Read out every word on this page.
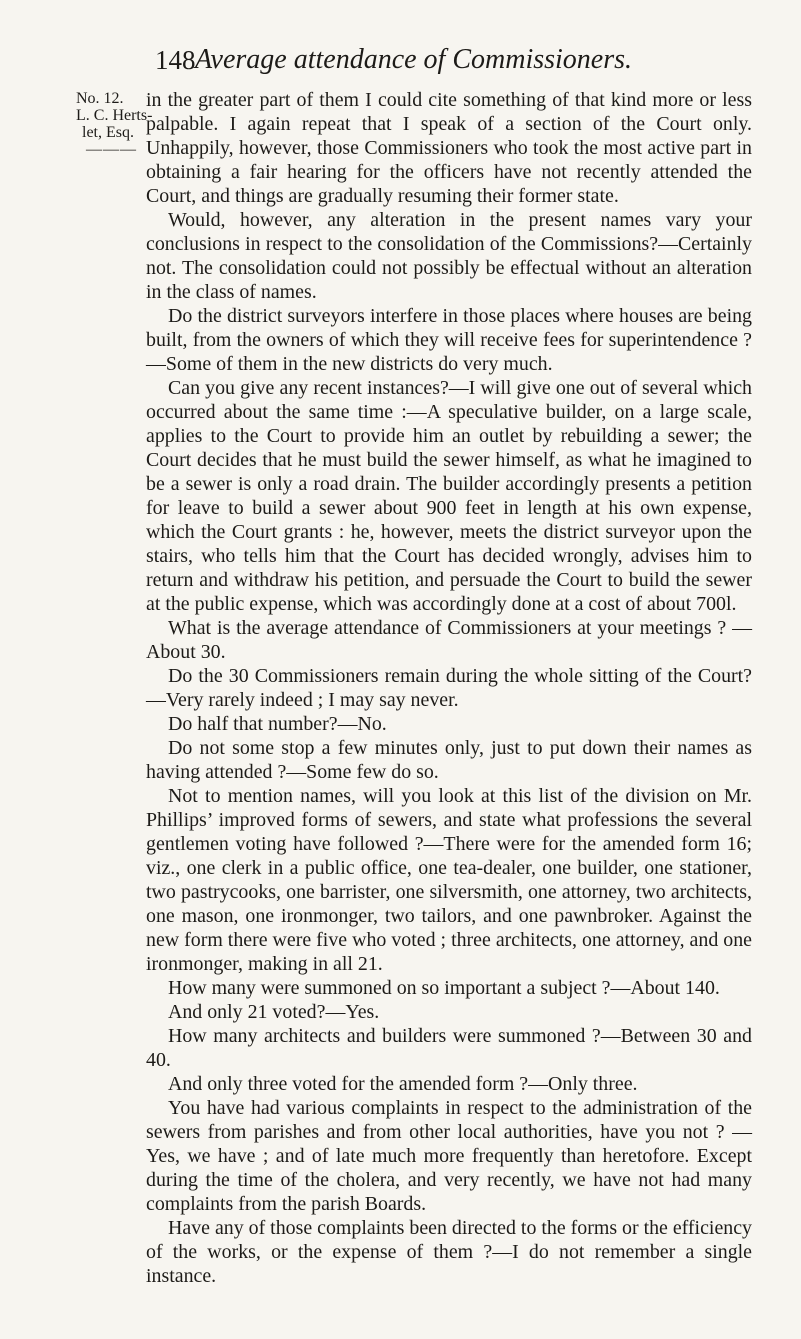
148 Average attendance of Commissioners.
No. 12.
L. C. Herts-
let, Esq.
———

in the greater part of them I could cite something of that kind more or less palpable. I again repeat that I speak of a section of the Court only. Unhappily, however, those Commissioners who took the most active part in obtaining a fair hearing for the officers have not recently attended the Court, and things are gradually resuming their former state.

Would, however, any alteration in the present names vary your conclusions in respect to the consolidation of the Commissions?—Certainly not. The consolidation could not possibly be effectual without an alteration in the class of names.

Do the district surveyors interfere in those places where houses are being built, from the owners of which they will receive fees for superintendence ?—Some of them in the new districts do very much.

Can you give any recent instances?—I will give one out of several which occurred about the same time :—A speculative builder, on a large scale, applies to the Court to provide him an outlet by rebuilding a sewer; the Court decides that he must build the sewer himself, as what he imagined to be a sewer is only a road drain. The builder accordingly presents a petition for leave to build a sewer about 900 feet in length at his own expense, which the Court grants : he, however, meets the district surveyor upon the stairs, who tells him that the Court has decided wrongly, advises him to return and withdraw his petition, and persuade the Court to build the sewer at the public expense, which was accordingly done at a cost of about 700l.

What is the average attendance of Commissioners at your meetings ? —About 30.

Do the 30 Commissioners remain during the whole sitting of the Court?—Very rarely indeed ; I may say never.

Do half that number?—No.

Do not some stop a few minutes only, just to put down their names as having attended ?—Some few do so.

Not to mention names, will you look at this list of the division on Mr. Phillips’ improved forms of sewers, and state what professions the several gentlemen voting have followed ?—There were for the amended form 16; viz., one clerk in a public office, one tea-dealer, one builder, one stationer, two pastrycooks, one barrister, one silversmith, one attorney, two architects, one mason, one ironmonger, two tailors, and one pawnbroker. Against the new form there were five who voted ; three architects, one attorney, and one ironmonger, making in all 21.

How many were summoned on so important a subject ?—About 140.

And only 21 voted?—Yes.

How many architects and builders were summoned ?—Between 30 and 40.

And only three voted for the amended form ?—Only three.

You have had various complaints in respect to the administration of the sewers from parishes and from other local authorities, have you not ? —Yes, we have ; and of late much more frequently than heretofore. Except during the time of the cholera, and very recently, we have not had many complaints from the parish Boards.

Have any of those complaints been directed to the forms or the efficiency of the works, or the expense of them ?—I do not remember a single instance.
